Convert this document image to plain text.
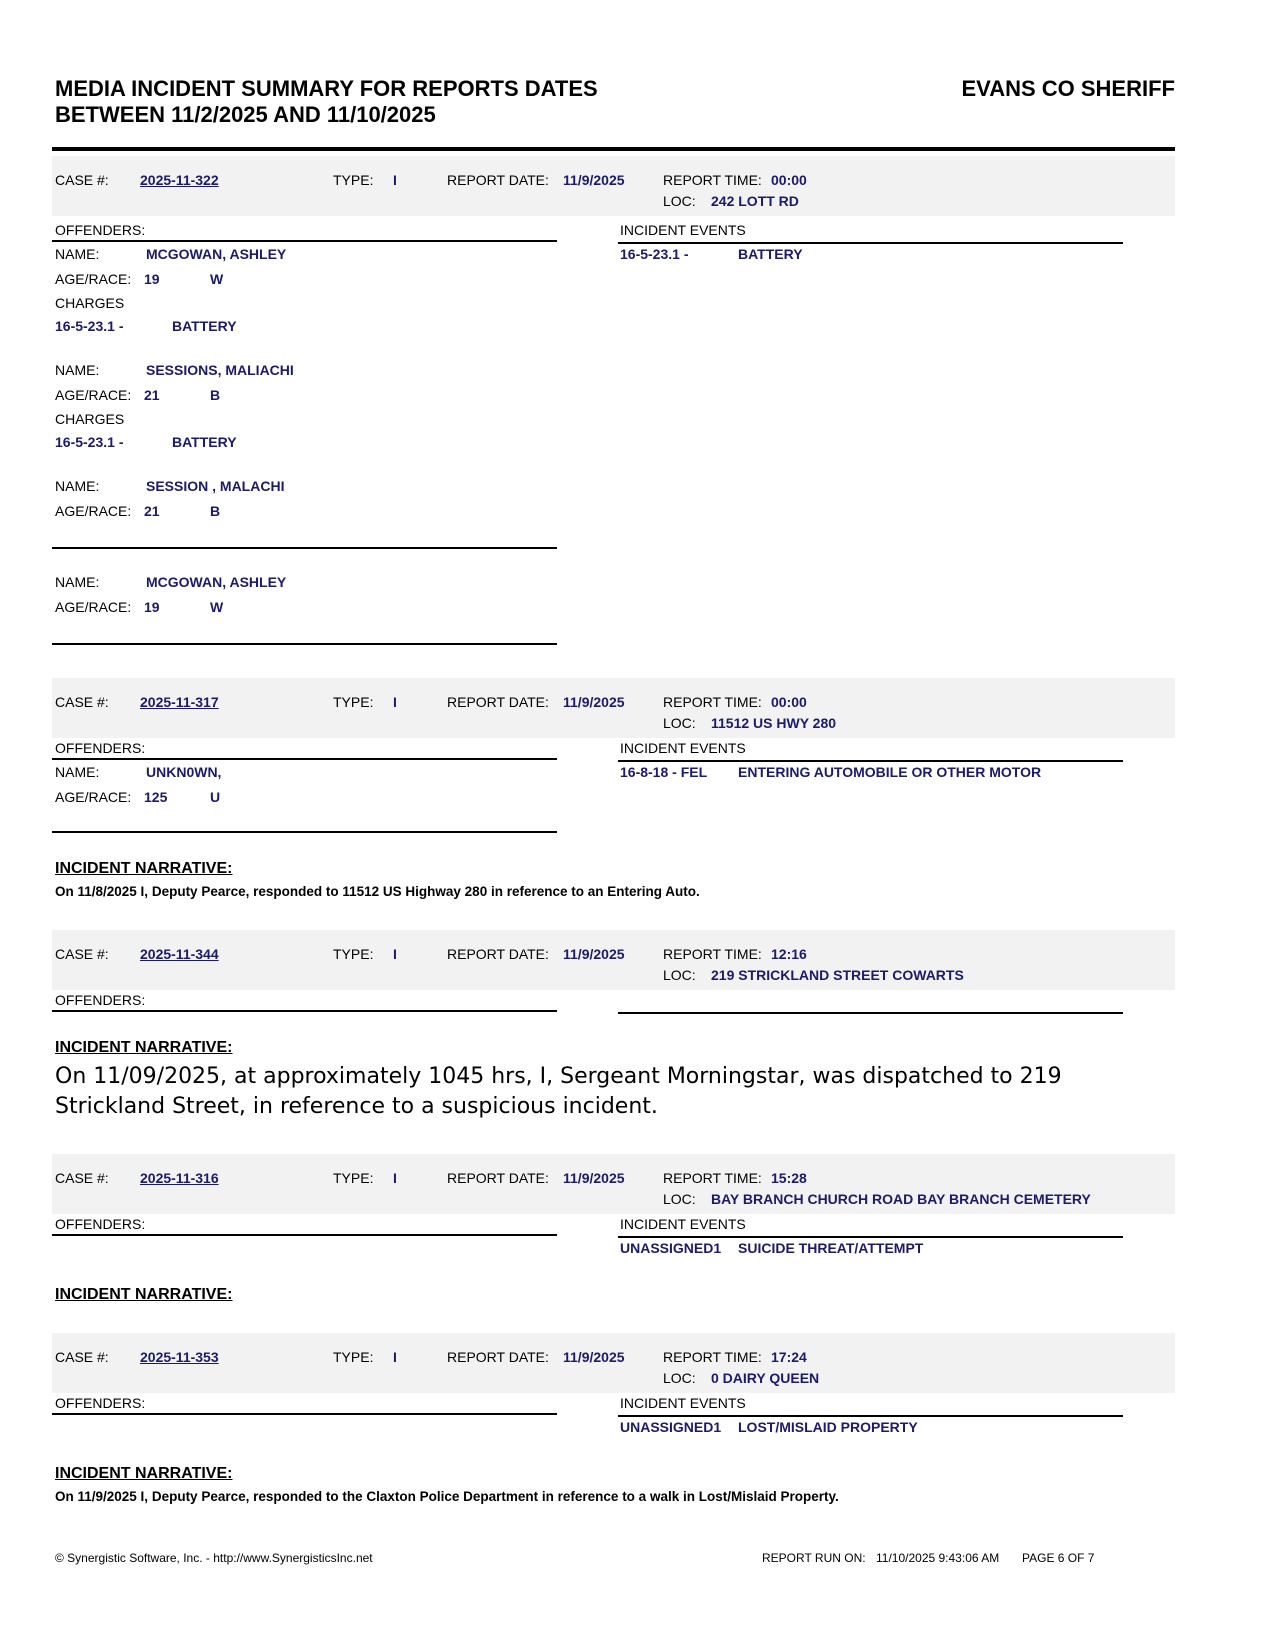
MEDIA INCIDENT SUMMARY FOR REPORTS DATES
BETWEEN 11/2/2025 AND 11/10/2025
EVANS CO SHERIFF
CASE #: 2025-11-322	TYPE: I	REPORT DATE: 11/9/2025	REPORT TIME: 00:00
LOC: 242 LOTT RD
OFFENDERS:	INCIDENT EVENTS
16-5-23.1 -	BATTERY
NAME:	MCGOWAN, ASHLEY
AGE/RACE: 19	W
CHARGES
16-5-23.1 -	BATTERY
NAME:	SESSIONS, MALIACHI
AGE/RACE: 21	B
CHARGES
16-5-23.1 -	BATTERY
NAME:	SESSION , MALACHI
AGE/RACE: 21	B
NAME:	MCGOWAN, ASHLEY
AGE/RACE: 19	W
CASE #: 2025-11-317	TYPE: I	REPORT DATE: 11/9/2025	REPORT TIME: 00:00
LOC: 11512 US HWY 280
OFFENDERS:	INCIDENT EVENTS
16-8-18 - FEL ENTERING AUTOMOBILE OR OTHER MOTOR
NAME:	UNKN0WN,
AGE/RACE: 125	U
INCIDENT NARRATIVE:
On 11/8/2025 I, Deputy Pearce, responded to 11512 US Highway 280 in reference to an Entering Auto.
CASE #: 2025-11-344	TYPE: I	REPORT DATE: 11/9/2025	REPORT TIME: 12:16
LOC: 219 STRICKLAND STREET COWARTS
OFFENDERS:
INCIDENT NARRATIVE:
On 11/09/2025, at approximately 1045 hrs, I, Sergeant Morningstar, was dispatched to 219 Strickland Street, in reference to a suspicious incident.
CASE #: 2025-11-316	TYPE: I	REPORT DATE: 11/9/2025	REPORT TIME: 15:28
LOC: BAY BRANCH CHURCH ROAD BAY BRANCH CEMETERY
OFFENDERS:	INCIDENT EVENTS
UNASSIGNED1 SUICIDE THREAT/ATTEMPT
INCIDENT NARRATIVE:
CASE #: 2025-11-353	TYPE: I	REPORT DATE: 11/9/2025	REPORT TIME: 17:24
LOC: 0 DAIRY QUEEN
OFFENDERS:	INCIDENT EVENTS
UNASSIGNED1 LOST/MISLAID PROPERTY
INCIDENT NARRATIVE:
On 11/9/2025 I, Deputy Pearce, responded to the Claxton Police Department in reference to a walk in Lost/Mislaid Property.
© Synergistic Software, Inc. - http://www.SynergisticsInc.net	REPORT RUN ON: 11/10/2025 9:43:06 AM PAGE 6 OF 7
